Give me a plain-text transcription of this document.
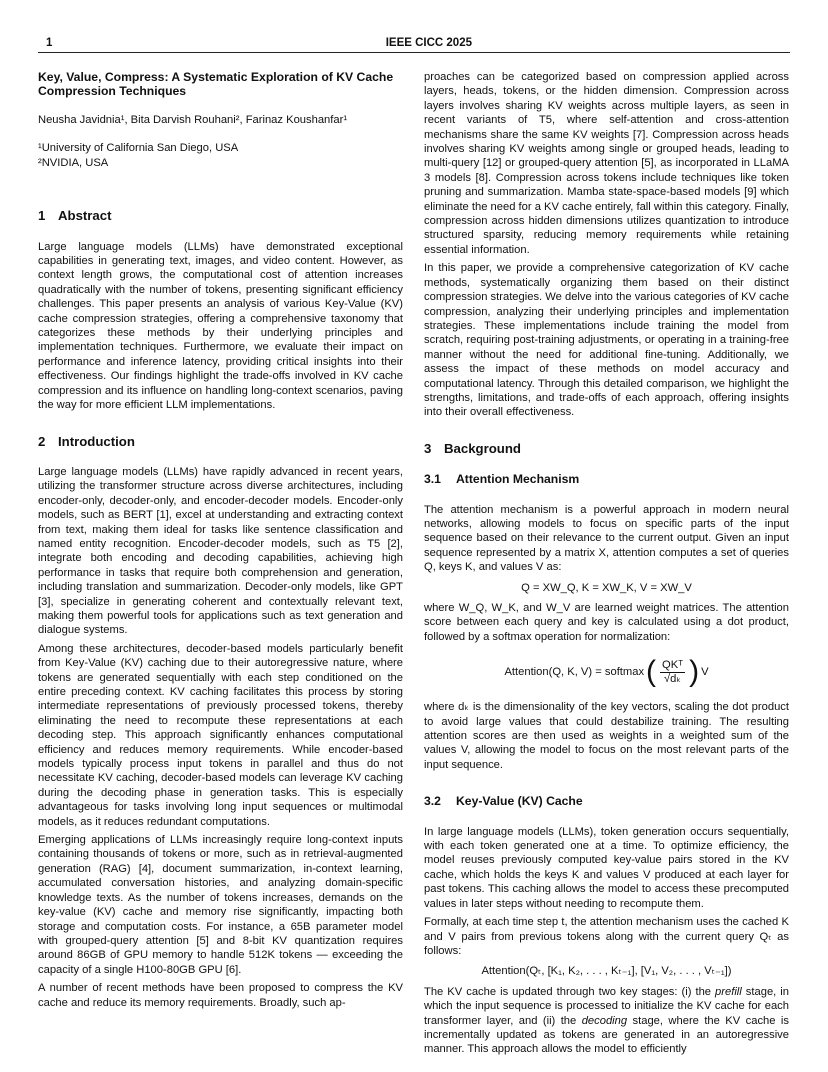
1	IEEE CICC 2025
Key, Value, Compress: A Systematic Exploration of KV Cache Compression Techniques
Neusha Javidnia¹, Bita Darvish Rouhani², Farinaz Koushanfar¹
¹University of California San Diego, USA
²NVIDIA, USA
1 Abstract

Large language models (LLMs) have demonstrated exceptional capabilities in generating text, images, and video content. However, as context length grows, the computational cost of attention increases quadratically with the number of tokens, presenting significant efficiency challenges. This paper presents an analysis of various Key-Value (KV) cache compression strategies, offering a comprehensive taxonomy that categorizes these methods by their underlying principles and implementation techniques. Furthermore, we evaluate their impact on performance and inference latency, providing critical insights into their effectiveness. Our findings highlight the trade-offs involved in KV cache compression and its influence on handling long-context scenarios, paving the way for more efficient LLM implementations.

2 Introduction

Large language models (LLMs) have rapidly advanced in recent years, utilizing the transformer structure across diverse architectures, including encoder-only, decoder-only, and encoder-decoder models. Encoder-only models, such as BERT [1], excel at understanding and extracting context from text, making them ideal for tasks like sentence classification and named entity recognition. Encoder-decoder models, such as T5 [2], integrate both encoding and decoding capabilities, achieving high performance in tasks that require both comprehension and generation, including translation and summarization. Decoder-only models, like GPT [3], specialize in generating coherent and contextually relevant text, making them powerful tools for applications such as text generation and dialogue systems.

Among these architectures, decoder-based models particularly benefit from Key-Value (KV) caching due to their autoregressive nature, where tokens are generated sequentially with each step conditioned on the entire preceding context. KV caching facilitates this process by storing intermediate representations of previously processed tokens, thereby eliminating the need to recompute these representations at each decoding step. This approach significantly enhances computational efficiency and reduces memory requirements. While encoder-based models typically process input tokens in parallel and thus do not necessitate KV caching, decoder-based models can leverage KV caching during the decoding phase in generation tasks. This is especially advantageous for tasks involving long input sequences or multimodal models, as it reduces redundant computations.

Emerging applications of LLMs increasingly require long-context inputs containing thousands of tokens or more, such as in retrieval-augmented generation (RAG) [4], document summarization, in-context learning, accumulated conversation histories, and analyzing domain-specific knowledge texts. As the number of tokens increases, demands on the key-value (KV) cache and memory rise significantly, impacting both storage and computation costs. For instance, a 65B parameter model with grouped-query attention [5] and 8-bit KV quantization requires around 86GB of GPU memory to handle 512K tokens — exceeding the capacity of a single H100-80GB GPU [6].

A number of recent methods have been proposed to compress the KV cache and reduce its memory requirements. Broadly, such ap-

proaches can be categorized based on compression applied across layers, heads, tokens, or the hidden dimension. Compression across layers involves sharing KV weights across multiple layers, as seen in recent variants of T5, where self-attention and cross-attention mechanisms share the same KV weights [7]. Compression across heads involves sharing KV weights among single or grouped heads, leading to multi-query [12] or grouped-query attention [5], as incorporated in LLaMA 3 models [8]. Compression across tokens include techniques like token pruning and summarization. Mamba state-space-based models [9] which eliminate the need for a KV cache entirely, fall within this category. Finally, compression across hidden dimensions utilizes quantization to introduce structured sparsity, reducing memory requirements while retaining essential information.

In this paper, we provide a comprehensive categorization of KV cache methods, systematically organizing them based on their distinct compression strategies. We delve into the various categories of KV cache compression, analyzing their underlying principles and implementation strategies. These implementations include training the model from scratch, requiring post-training adjustments, or operating in a training-free manner without the need for additional fine-tuning. Additionally, we assess the impact of these methods on model accuracy and computational latency. Through this detailed comparison, we highlight the strengths, limitations, and trade-offs of each approach, offering insights into their overall effectiveness.

3 Background
3.1 Attention Mechanism

The attention mechanism is a powerful approach in modern neural networks, allowing models to focus on specific parts of the input sequence based on their relevance to the current output. Given an input sequence represented by a matrix X, attention computes a set of queries Q, keys K, and values V as:

Q = XW_Q, K = XW_K, V = XW_V

where W_Q, W_K, and W_V are learned weight matrices. The attention score between each query and key is calculated using a dot product, followed by a softmax operation for normalization:

Attention(Q, K, V) = softmax ( $\frac{\text{QKᵀ}}{\text{√dₖ}}$ ) V

where dₖ is the dimensionality of the key vectors, scaling the dot product to avoid large values that could destabilize training. The resulting attention scores are then used as weights in a weighted sum of the values V, allowing the model to focus on the most relevant parts of the input sequence.

3.2 Key-Value (KV) Cache

In large language models (LLMs), token generation occurs sequentially, with each token generated one at a time. To optimize efficiency, the model reuses previously computed key-value pairs stored in the KV cache, which holds the keys K and values V produced at each layer for past tokens. This caching allows the model to access these precomputed values in later steps without needing to recompute them.

Formally, at each time step t, the attention mechanism uses the cached K and V pairs from previous tokens along with the current query Qₜ as follows:

Attention(Qₜ, [K₁, K₂, . . . , Kₜ₋₁], [V₁, V₂, . . . , Vₜ₋₁])

The KV cache is updated through two key stages: (i) the prefill stage, in which the input sequence is processed to initialize the KV cache for each transformer layer, and (ii) the decoding stage, where the KV cache is incrementally updated as tokens are generated in an autoregressive manner. This approach allows the model to efficiently
